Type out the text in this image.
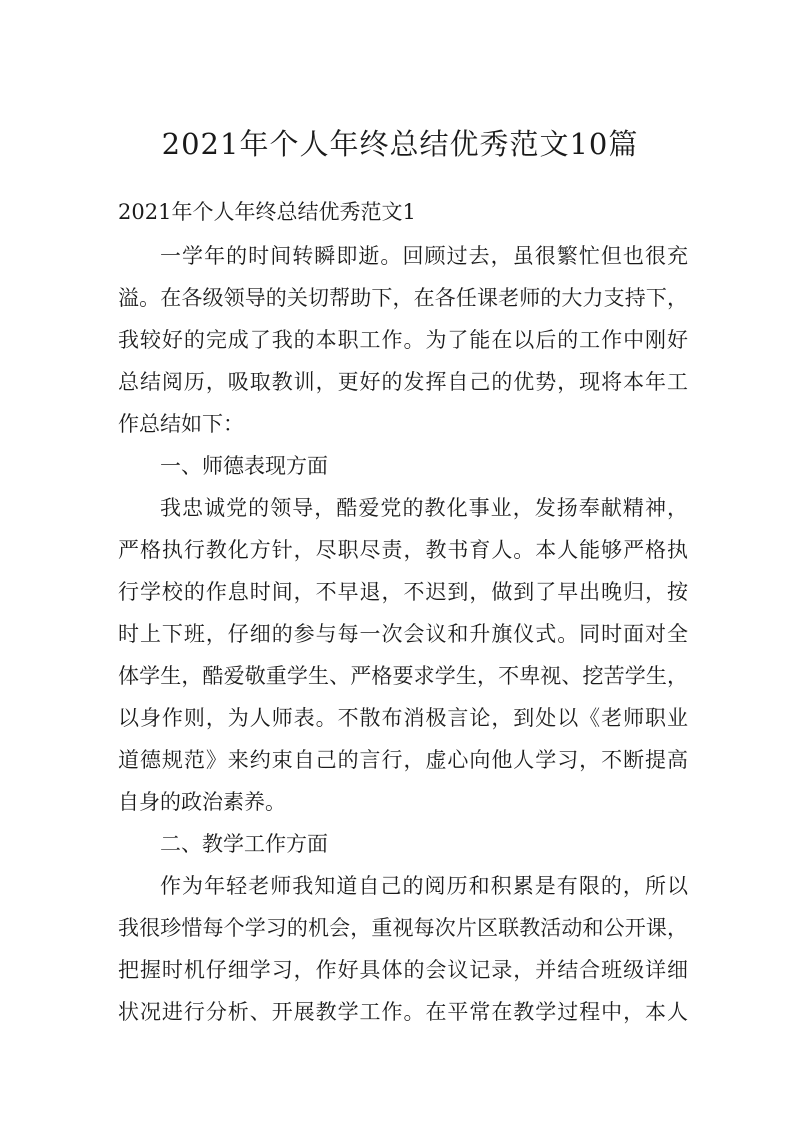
2021年个人年终总结优秀范文10篇
2021年个人年终总结优秀范文1
一学年的时间转瞬即逝。回顾过去，虽很繁忙但也很充
溢。在各级领导的关切帮助下，在各任课老师的大力支持下，
我较好的完成了我的本职工作。为了能在以后的工作中刚好
总结阅历，吸取教训，更好的发挥自己的优势，现将本年工
作总结如下：
一、师德表现方面
我忠诚党的领导，酷爱党的教化事业，发扬奉献精神，
严格执行教化方针，尽职尽责，教书育人。本人能够严格执
行学校的作息时间，不早退，不迟到，做到了早出晚归，按
时上下班，仔细的参与每一次会议和升旗仪式。同时面对全
体学生，酷爱敬重学生、严格要求学生，不卑视、挖苦学生，
以身作则，为人师表。不散布消极言论，到处以《老师职业
道德规范》来约束自己的言行，虚心向他人学习，不断提高
自身的政治素养。
二、教学工作方面
作为年轻老师我知道自己的阅历和积累是有限的，所以
我很珍惜每个学习的机会，重视每次片区联教活动和公开课，
把握时机仔细学习，作好具体的会议记录，并结合班级详细
状况进行分析、开展教学工作。在平常在教学过程中，本人
